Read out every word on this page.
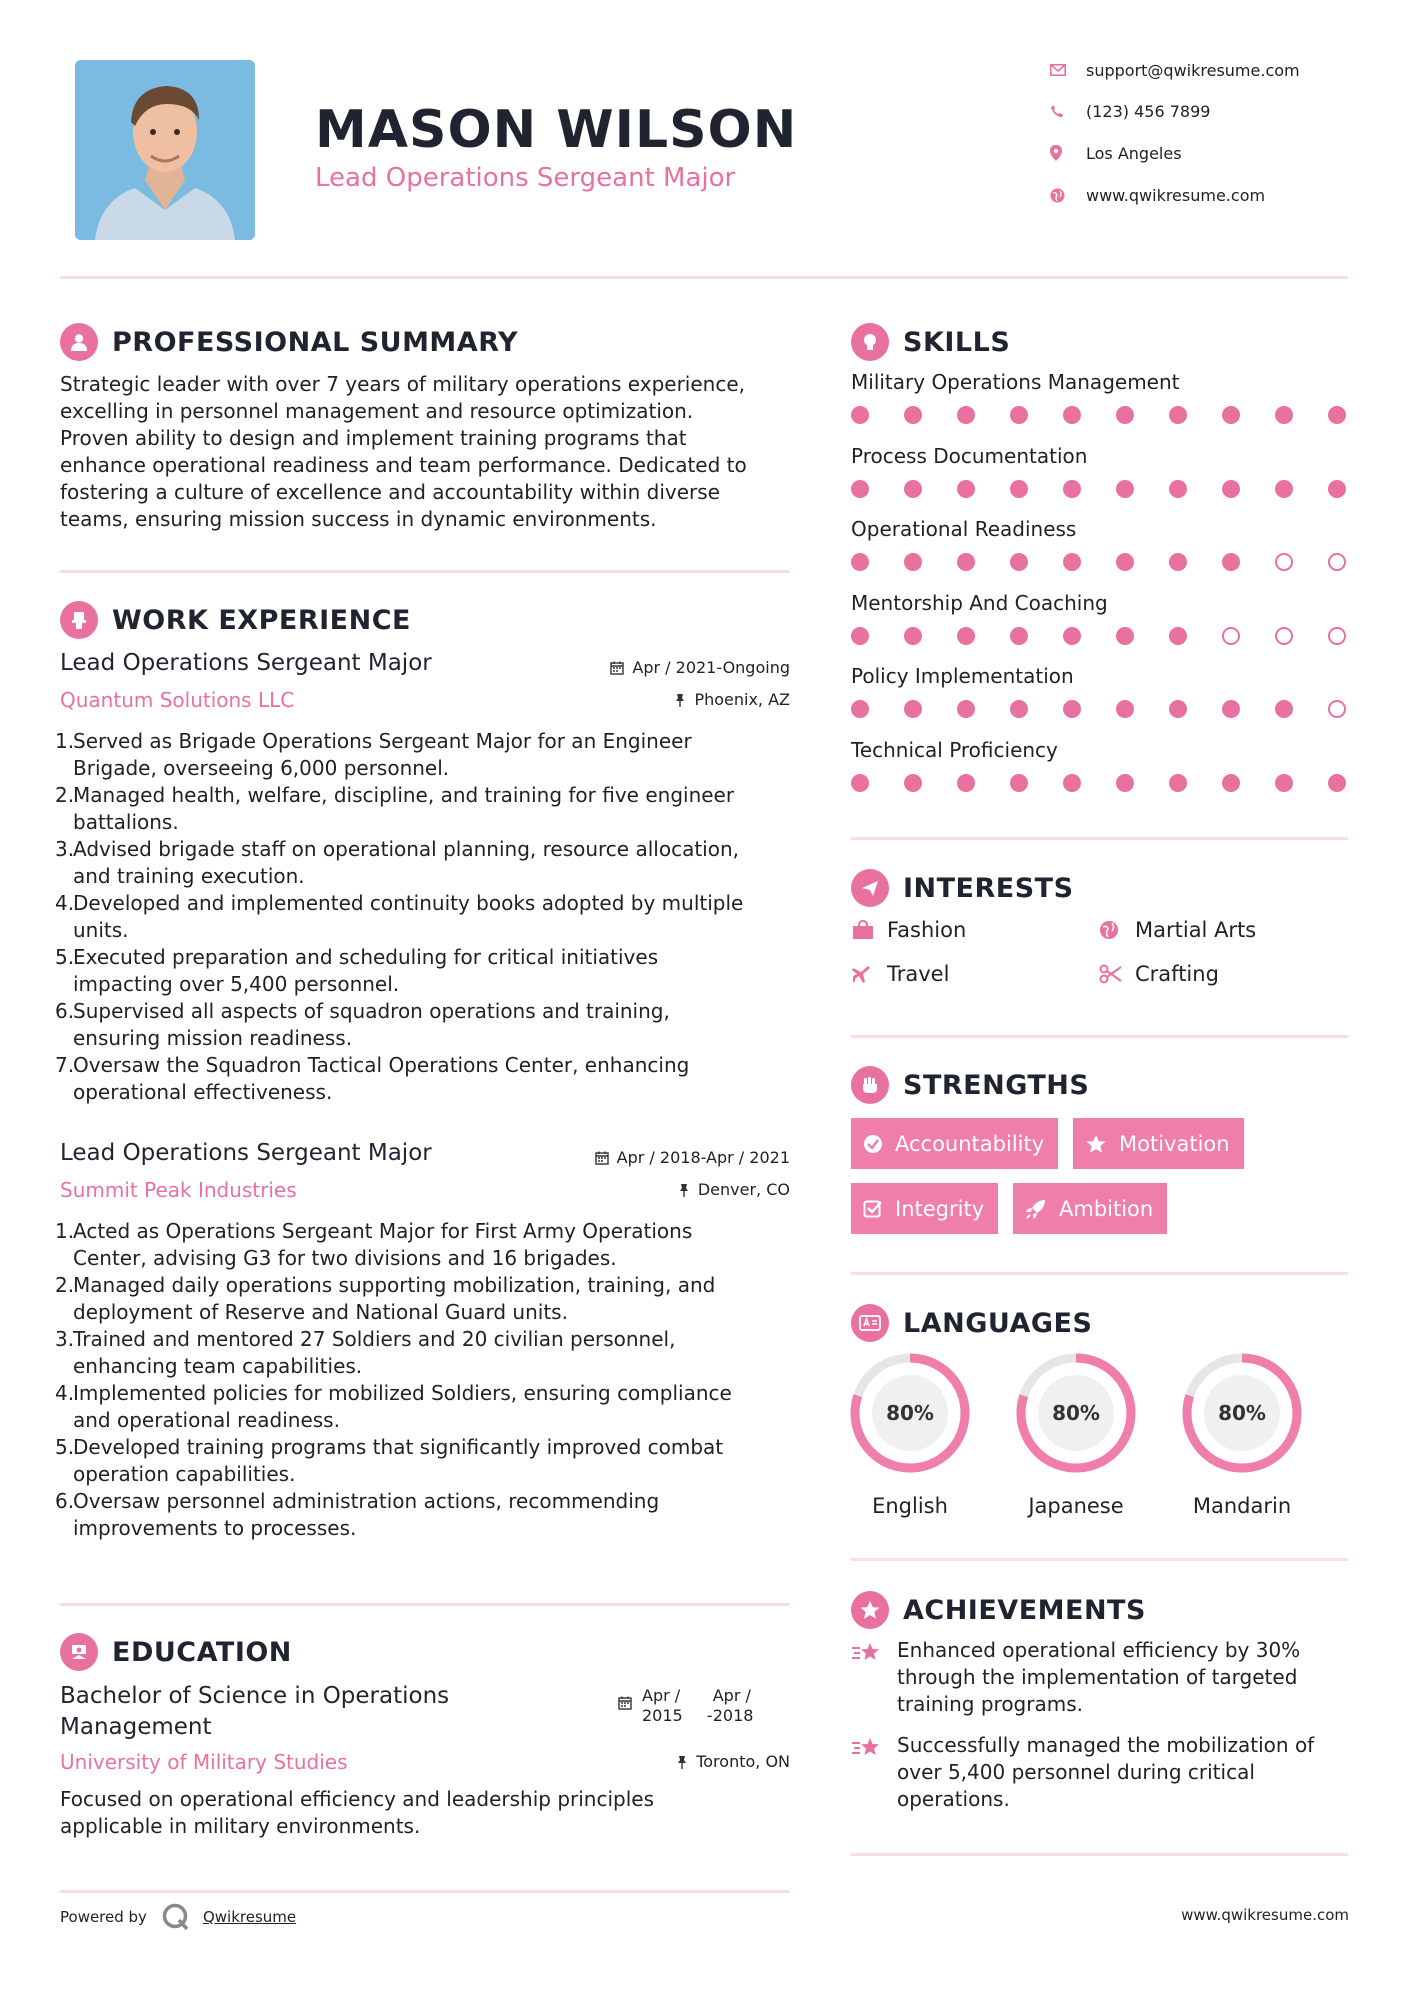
MASON WILSON
Lead Operations Sergeant Major
support@qwikresume.com
(123) 456 7899
Los Angeles
www.qwikresume.com
PROFESSIONAL SUMMARY
Strategic leader with over 7 years of military operations experience,
excelling in personnel management and resource optimization.
Proven ability to design and implement training programs that
enhance operational readiness and team performance. Dedicated to
fostering a culture of excellence and accountability within diverse
teams, ensuring mission success in dynamic environments.
WORK EXPERIENCE
Lead Operations Sergeant Major
Quantum Solutions LLC
Apr / 2021-Ongoing
Phoenix, AZ
1.
Served as Brigade Operations Sergeant Major for an Engineer
Brigade, overseeing 6,000 personnel.
2.
Managed health, welfare, discipline, and training for five engineer
battalions.
3.
Advised brigade staff on operational planning, resource allocation,
and training execution.
4.
Developed and implemented continuity books adopted by multiple
units.
5.
Executed preparation and scheduling for critical initiatives
impacting over 5,400 personnel.
6.
Supervised all aspects of squadron operations and training,
ensuring mission readiness.
7.
Oversaw the Squadron Tactical Operations Center, enhancing
operational effectiveness.
Lead Operations Sergeant Major
Summit Peak Industries
Apr / 2018-Apr / 2021
Denver, CO
1.
Acted as Operations Sergeant Major for First Army Operations
Center, advising G3 for two divisions and 16 brigades.
2.
Managed daily operations supporting mobilization, training, and
deployment of Reserve and National Guard units.
3.
Trained and mentored 27 Soldiers and 20 civilian personnel,
enhancing team capabilities.
4.
Implemented policies for mobilized Soldiers, ensuring compliance
and operational readiness.
5.
Developed training programs that significantly improved combat
operation capabilities.
6.
Oversaw personnel administration actions, recommending
improvements to processes.
EDUCATION
Bachelor of Science in Operations
Management
University of Military Studies
Apr /
2015
Apr /
- 2018
Toronto, ON
Focused on operational efficiency and leadership principles
applicable in military environments.
SKILLS
Military Operations Management
Process Documentation
Operational Readiness
Mentorship And Coaching
Policy Implementation
Technical Proficiency
INTERESTS
Fashion	Martial Arts
Travel	Crafting
STRENGTHS
Accountability	Motivation
Integrity	Ambition
LANGUAGES
80%
English
80%
Japanese
80%
Mandarin
ACHIEVEMENTS
Enhanced operational efficiency by 30%
through the implementation of targeted
training programs.
Successfully managed the mobilization of
over 5,400 personnel during critical
operations.
Powered by	Qwikresume	www.qwikresume.com
